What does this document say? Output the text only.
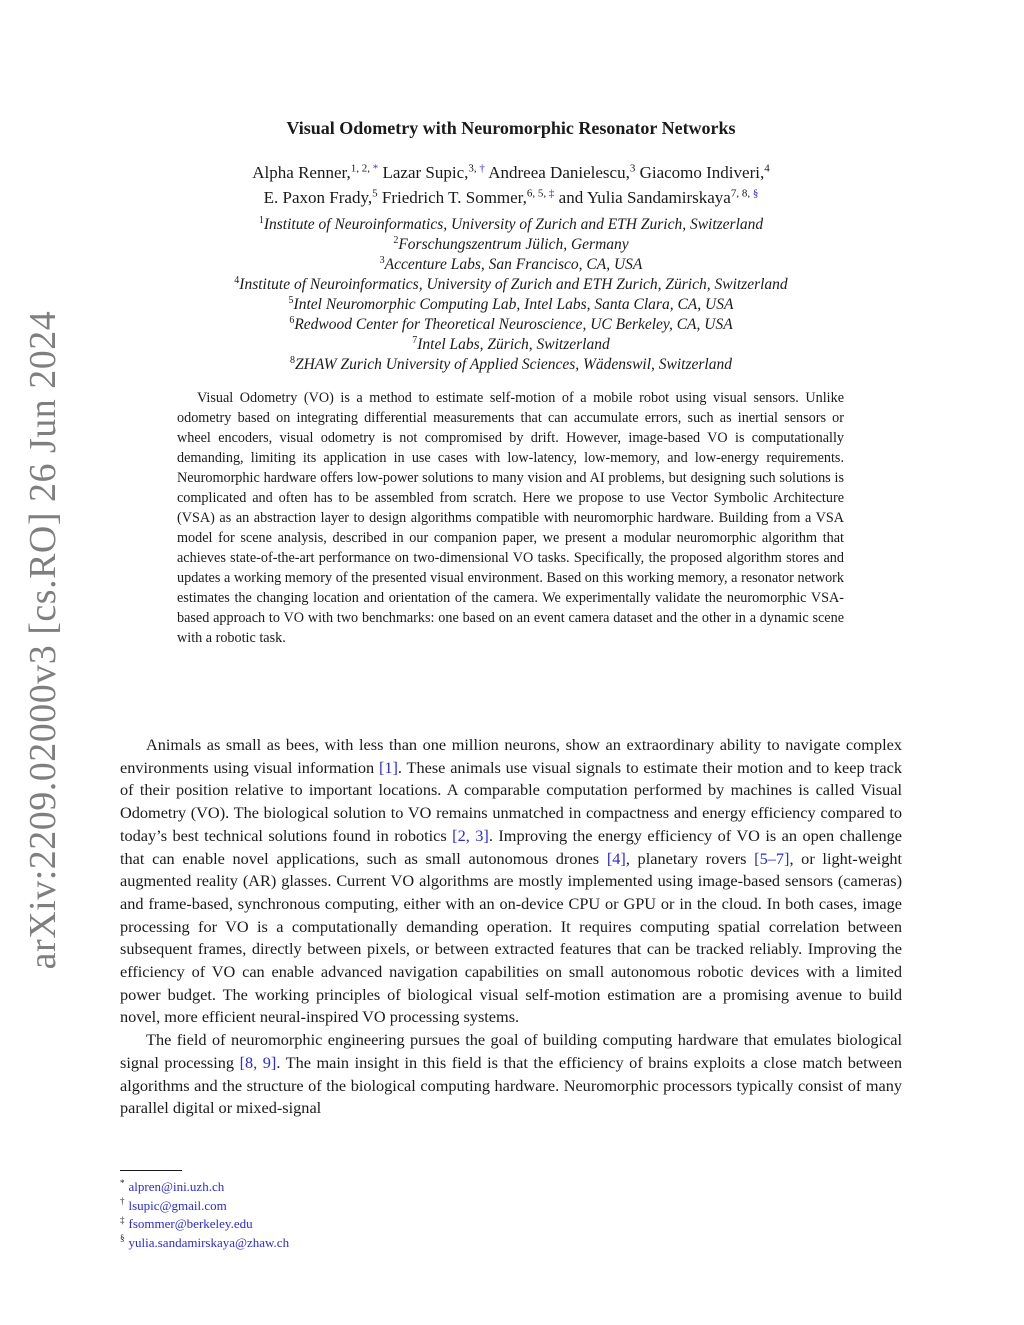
arXiv:2209.02000v3 [cs.RO] 26 Jun 2024
Visual Odometry with Neuromorphic Resonator Networks
Alpha Renner,$^{1, 2, *}$ Lazar Supic,$^{3, \dagger}$ Andreea Danielescu,$^3$ Giacomo Indiveri,$^4$
E. Paxon Frady,$^5$ Friedrich T. Sommer,$^{6, 5, \ddagger}$ and Yulia Sandamirskaya$^{7, 8, \S}$
$^1$Institute of Neuroinformatics, University of Zurich and ETH Zurich, Switzerland
$^2$Forschungszentrum Jülich, Germany
$^3$Accenture Labs, San Francisco, CA, USA
$^4$Institute of Neuroinformatics, University of Zurich and ETH Zurich, Zürich, Switzerland
$^5$Intel Neuromorphic Computing Lab, Intel Labs, Santa Clara, CA, USA
$^6$Redwood Center for Theoretical Neuroscience, UC Berkeley, CA, USA
$^7$Intel Labs, Zürich, Switzerland
$^8$ZHAW Zurich University of Applied Sciences, Wädenswil, Switzerland
Visual Odometry (VO) is a method to estimate self-motion of a mobile robot using visual sensors. Unlike odometry based on integrating differential measurements that can accumulate errors, such as inertial sensors or wheel encoders, visual odometry is not compromised by drift. However, image-based VO is computationally demanding, limiting its application in use cases with low-latency, low-memory, and low-energy requirements. Neuromorphic hardware offers low-power solutions to many vision and AI problems, but designing such solutions is complicated and often has to be assembled from scratch. Here we propose to use Vector Symbolic Architecture (VSA) as an abstraction layer to design algorithms compatible with neuromorphic hardware. Building from a VSA model for scene analysis, described in our companion paper, we present a modular neuromorphic algorithm that achieves state-of-the-art performance on two-dimensional VO tasks. Specifically, the proposed algorithm stores and updates a working memory of the presented visual environment. Based on this working memory, a resonator network estimates the changing location and orientation of the camera. We experimentally validate the neuromorphic VSA-based approach to VO with two benchmarks: one based on an event camera dataset and the other in a dynamic scene with a robotic task.

Animals as small as bees, with less than one million neurons, show an extraordinary ability to navigate complex environments using visual information [1]. These animals use visual signals to estimate their motion and to keep track of their position relative to important locations. A comparable computation performed by machines is called Visual Odometry (VO). The biological solution to VO remains unmatched in compactness and energy efficiency compared to today’s best technical solutions found in robotics [2, 3]. Improving the energy efficiency of VO is an open challenge that can enable novel applications, such as small autonomous drones [4], planetary rovers [5–7], or light-weight augmented reality (AR) glasses. Current VO algorithms are mostly implemented using image-based sensors (cameras) and frame-based, synchronous computing, either with an on-device CPU or GPU or in the cloud. In both cases, image processing for VO is a computationally demanding operation. It requires computing spatial correlation between subsequent frames, directly between pixels, or between extracted features that can be tracked reliably. Improving the efficiency of VO can enable advanced navigation capabilities on small autonomous robotic devices with a limited power budget. The working principles of biological visual self-motion estimation are a promising avenue to build novel, more efficient neural-inspired VO processing systems.

The field of neuromorphic engineering pursues the goal of building computing hardware that emulates biological signal processing [8, 9]. The main insight in this field is that the efficiency of brains exploits a close match between algorithms and the structure of the biological computing hardware. Neuromorphic processors typically consist of many parallel digital or mixed-signal

* alpren@ini.uzh.ch
† lsupic@gmail.com
‡ fsommer@berkeley.edu
§ yulia.sandamirskaya@zhaw.ch
